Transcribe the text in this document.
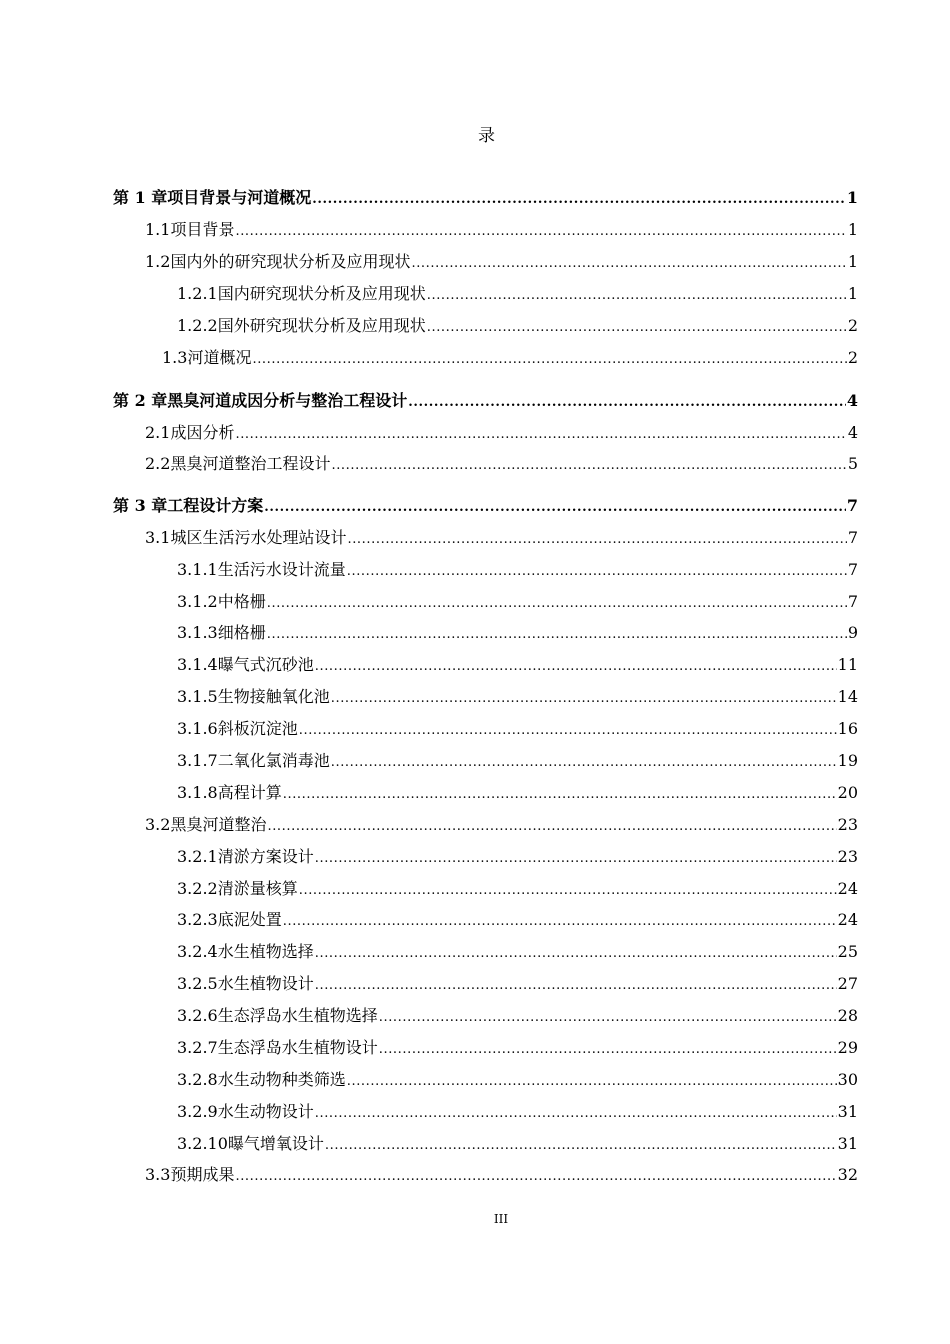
录
第 1 章 项目背景与河道概况 .....	1
1.1 项目背景 .....	1
1.2 国内外的研究现状分析及应用现状 .....	1
1.2.1 国内研究现状分析及应用现状 .....	1
1.2.2 国外研究现状分析及应用现状 .....	2
1.3 河道概况 .....	2
第 2 章 黑臭河道成因分析与整治工程设计 .....	4
2.1 成因分析 .....	4
2.2 黑臭河道整治工程设计 .....	5
第 3 章 工程设计方案 .....	7
3.1 城区生活污水处理站设计 .....	7
3.1.1 生活污水设计流量 .....	7
3.1.2 中格栅 .....	7
3.1.3 细格栅 .....	9
3.1.4 曝气式沉砂池 .....	11
3.1.5 生物接触氧化池 .....	14
3.1.6 斜板沉淀池 .....	16
3.1.7 二氧化氯消毒池 .....	19
3.1.8 高程计算 .....	20
3.2 黑臭河道整治 .....	23
3.2.1 清淤方案设计 .....	23
3.2.2 清淤量核算 .....	24
3.2.3 底泥处置 .....	24
3.2.4 水生植物选择 .....	25
3.2.5 水生植物设计 .....	27
3.2.6 生态浮岛水生植物选择 .....	28
3.2.7 生态浮岛水生植物设计 .....	29
3.2.8 水生动物种类筛选 .....	30
3.2.9 水生动物设计 .....	31
3.2.10 曝气增氧设计 .....	31
3.3 预期成果 .....	32
III
